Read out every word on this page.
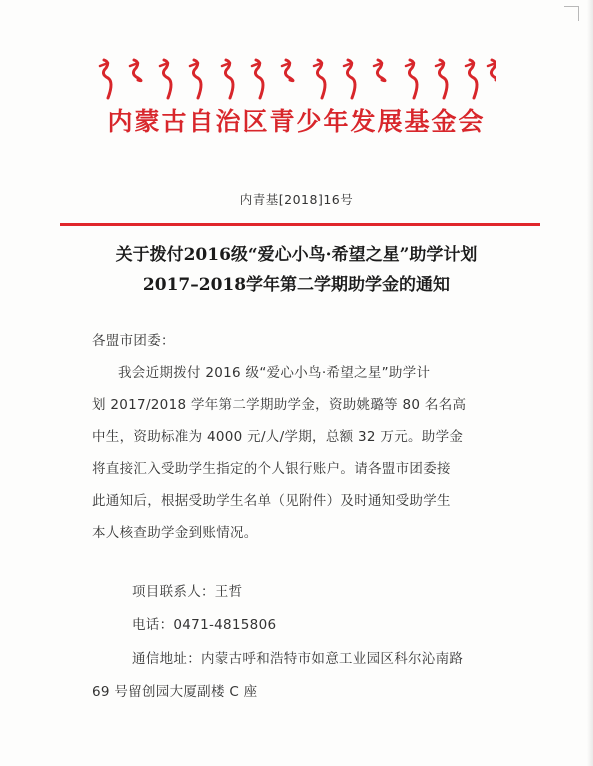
内蒙古自治区青少年发展基金会
内青基[2018]16号
关于拨付2016级“爱心小鸟·希望之星”助学计划
2017–2018学年第二学期助学金的通知
各盟市团委：
我会近期拨付 2016 级“爱心小鸟·希望之星”助学计
划 2017/2018 学年第二学期助学金，资助姚璐等 80 名名高
中生，资助标准为 4000 元/人/学期，总额 32 万元。助学金
将直接汇入受助学生指定的个人银行账户。请各盟市团委接
此通知后，根据受助学生名单（见附件）及时通知受助学生
本人核查助学金到账情况。
项目联系人：王哲
电话：0471-4815806
通信地址：内蒙古呼和浩特市如意工业园区科尔沁南路
69 号留创园大厦副楼 C 座
